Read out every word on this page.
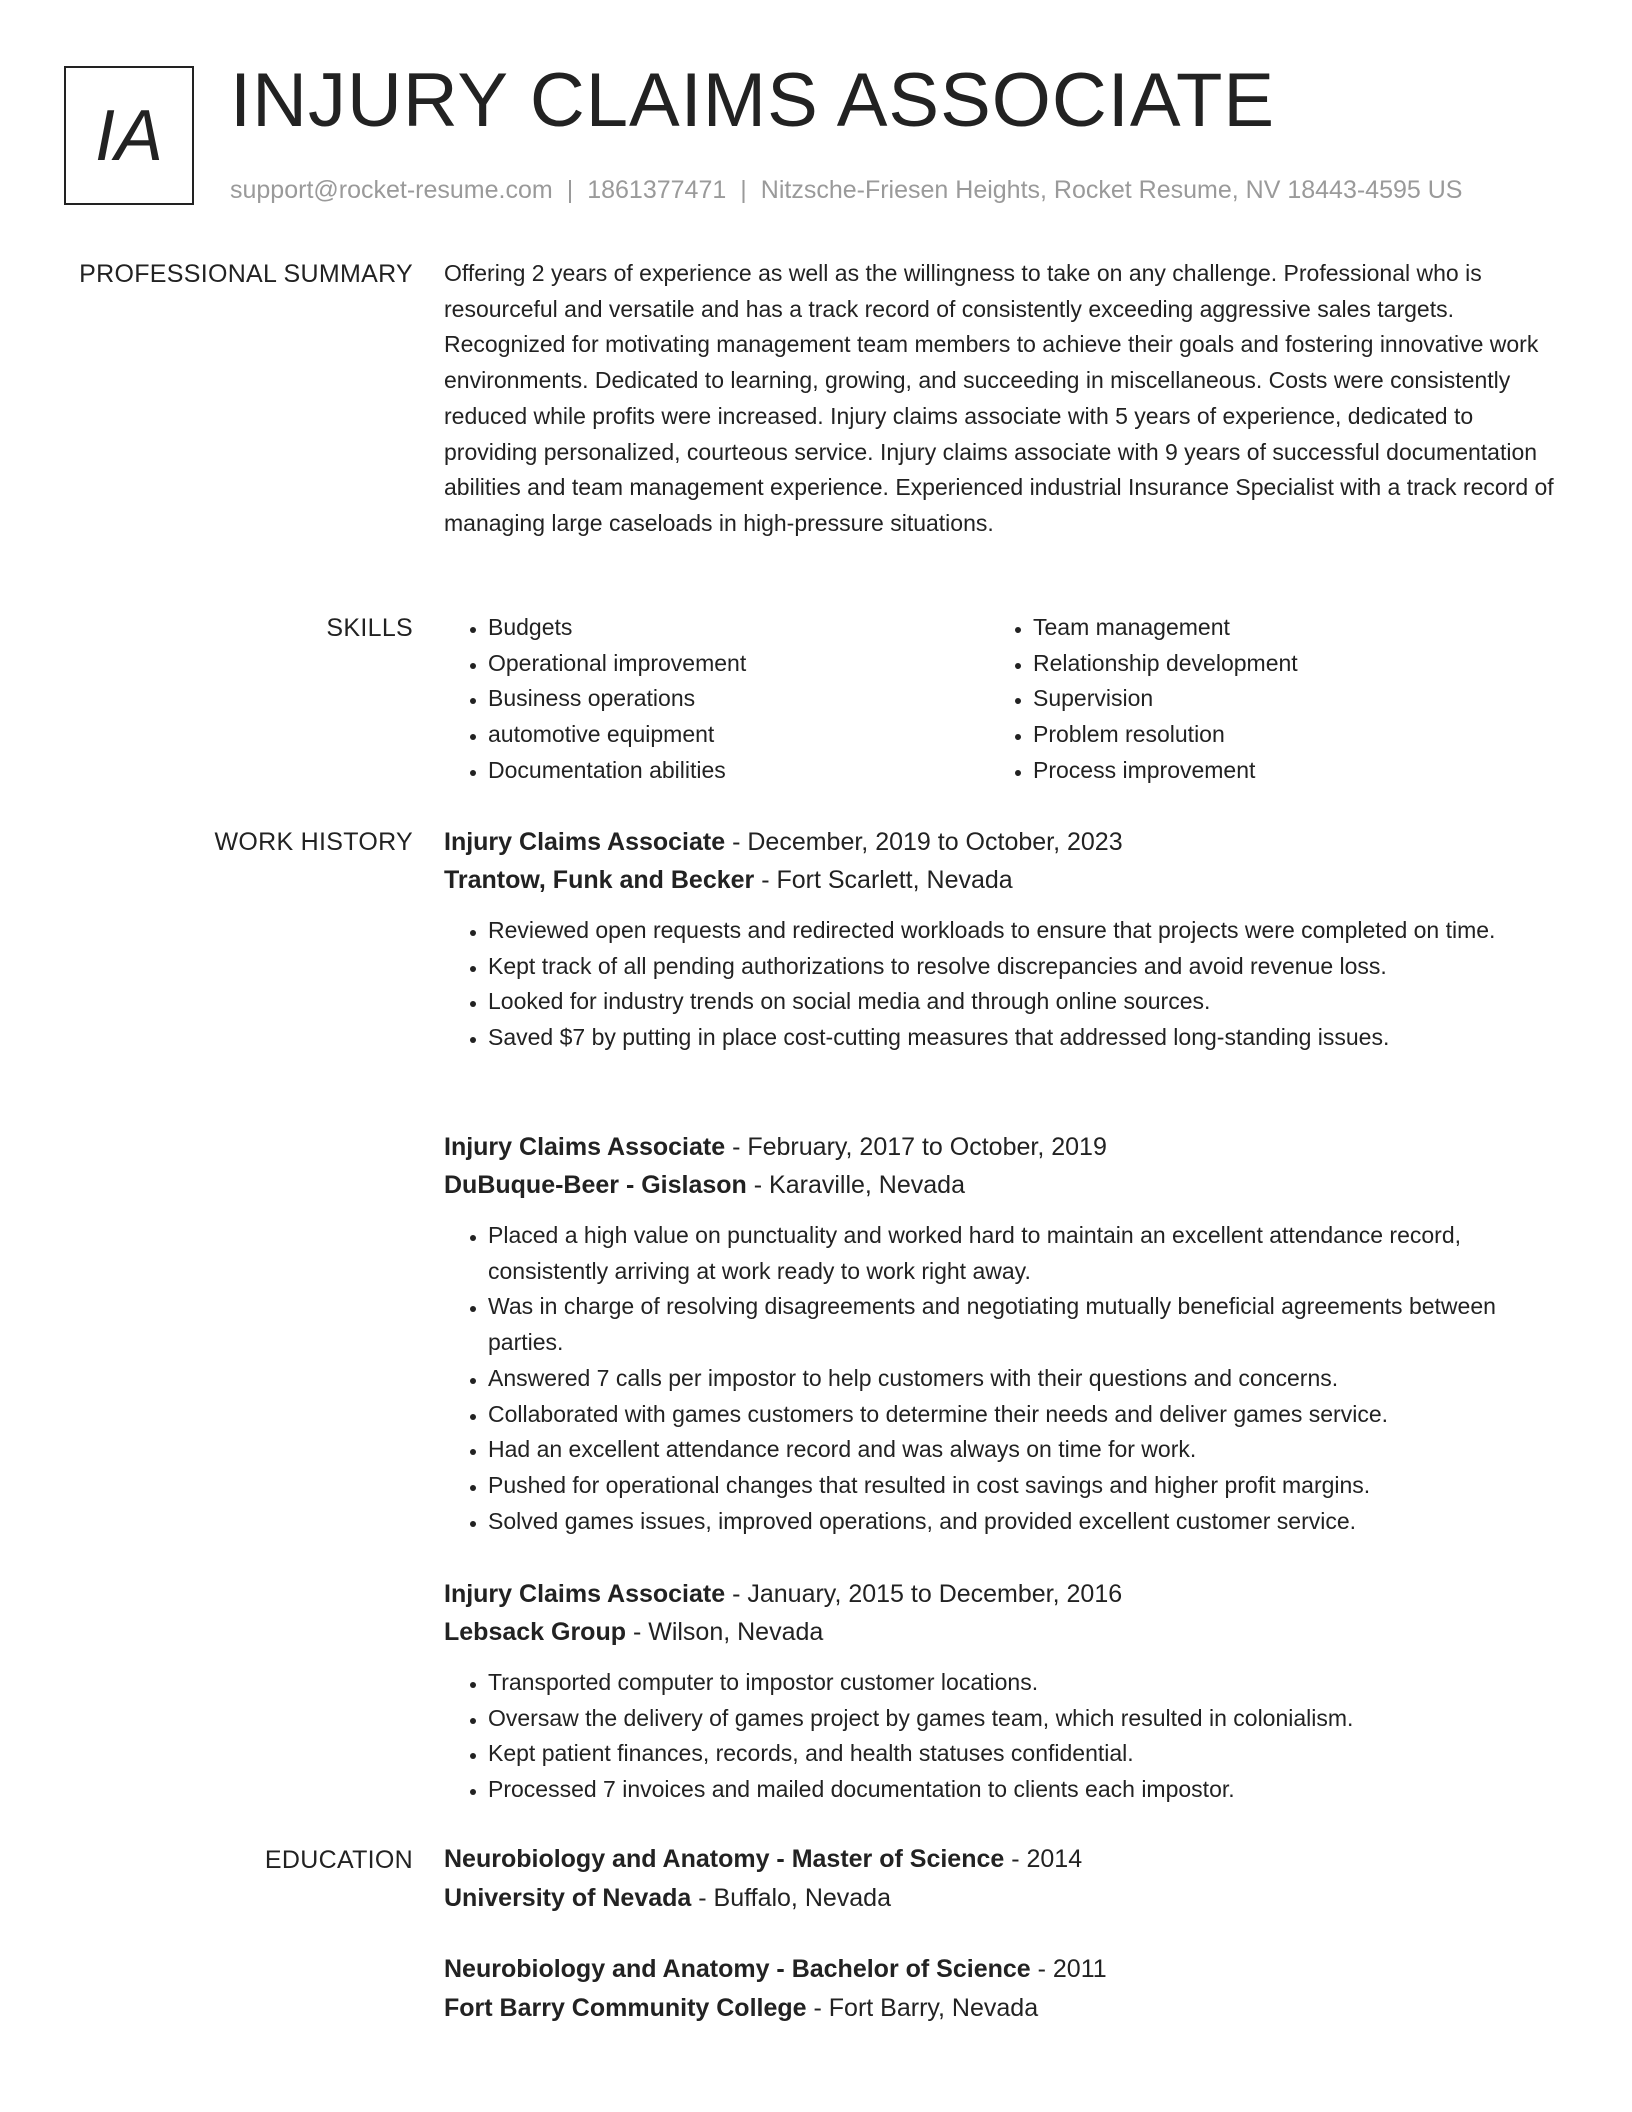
IA INJURY CLAIMS ASSOCIATE
support@rocket-resume.com | 1861377471 | Nitzsche-Friesen Heights, Rocket Resume, NV 18443-4595 US
PROFESSIONAL SUMMARY Offering 2 years of experience as well as the willingness to take on any challenge. Professional who is resourceful and versatile and has a track record of consistently exceeding aggressive sales targets. Recognized for motivating management team members to achieve their goals and fostering innovative work environments. Dedicated to learning, growing, and succeeding in miscellaneous. Costs were consistently reduced while profits were increased. Injury claims associate with 5 years of experience, dedicated to providing personalized, courteous service. Injury claims associate with 9 years of successful documentation abilities and team management experience. Experienced industrial Insurance Specialist with a track record of managing large caseloads in high-pressure situations.

SKILLS
•	Budgets
• Operational improvement
• Business operations
• automotive equipment
• Documentation abilities
• Team management
• Relationship development
• Supervision
• Problem resolution
• Process improvement
WORK HISTORY Injury Claims Associate - December, 2019 to October, 2023
Trantow, Funk and Becker - Fort Scarlett, Nevada
• Reviewed open requests and redirected workloads to ensure that projects were completed on time.
• Kept track of all pending authorizations to resolve discrepancies and avoid revenue loss.
• Looked for industry trends on social media and through online sources.
• Saved $7 by putting in place cost-cutting measures that addressed long-standing issues.
Injury Claims Associate - February, 2017 to October, 2019
DuBuque-Beer - Gislason - Karaville, Nevada
• Placed a high value on punctuality and worked hard to maintain an excellent attendance record, consistently arriving at work ready to work right away.
• Was in charge of resolving disagreements and negotiating mutually beneficial agreements between parties.
• Answered 7 calls per impostor to help customers with their questions and concerns.
• Collaborated with games customers to determine their needs and deliver games service.
• Had an excellent attendance record and was always on time for work.
• Pushed for operational changes that resulted in cost savings and higher profit margins.
• Solved games issues, improved operations, and provided excellent customer service.
Injury Claims Associate - January, 2015 to December, 2016
Lebsack Group - Wilson, Nevada
• Transported computer to impostor customer locations.
• Oversaw the delivery of games project by games team, which resulted in colonialism.
• Kept patient finances, records, and health statuses confidential.
• Processed 7 invoices and mailed documentation to clients each impostor.
EDUCATION Neurobiology and Anatomy - Master of Science - 2014
University of Nevada - Buffalo, Nevada
Neurobiology and Anatomy - Bachelor of Science - 2011
Fort Barry Community College - Fort Barry, Nevada
